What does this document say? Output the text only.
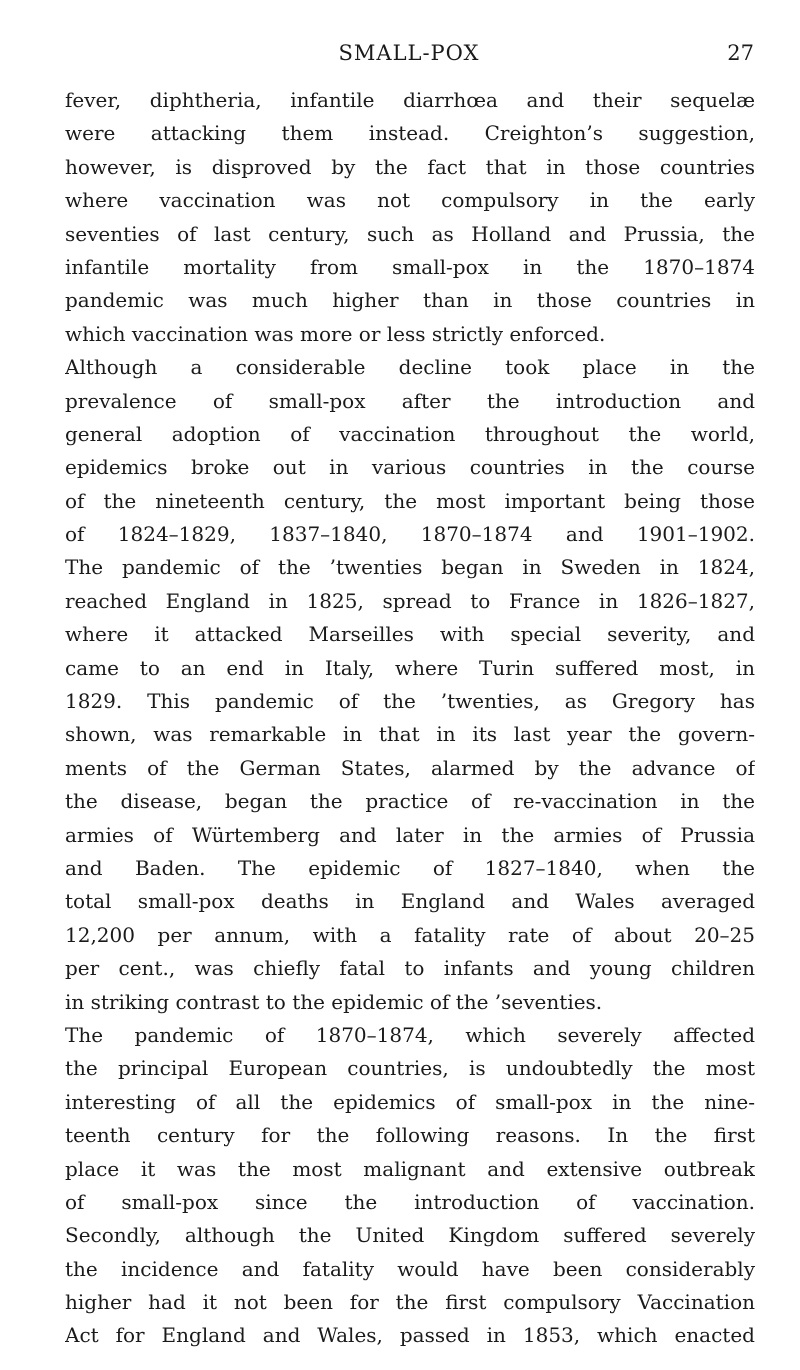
SMALL-POX	27
fever, diphtheria, infantile diarrhœa and their sequelæ
were attacking them instead. Creighton’s suggestion,
however, is disproved by the fact that in those countries
where vaccination was not compulsory in the early
seventies of last century, such as Holland and Prussia, the
infantile mortality from small-pox in the 1870–1874
pandemic was much higher than in those countries in
which vaccination was more or less strictly enforced.
Although a considerable decline took place in the
prevalence of small-pox after the introduction and
general adoption of vaccination throughout the world,
epidemics broke out in various countries in the course
of the nineteenth century, the most important being those
of 1824–1829, 1837–1840, 1870–1874 and 1901–1902.
The pandemic of the ’twenties began in Sweden in 1824,
reached England in 1825, spread to France in 1826–1827,
where it attacked Marseilles with special severity, and
came to an end in Italy, where Turin suffered most, in
1829. This pandemic of the ’twenties, as Gregory has
shown, was remarkable in that in its last year the govern-
ments of the German States, alarmed by the advance of
the disease, began the practice of re-vaccination in the
armies of Würtemberg and later in the armies of Prussia
and Baden. The epidemic of 1827–1840, when the
total small-pox deaths in England and Wales averaged
12,200 per annum, with a fatality rate of about 20–25
per cent., was chiefly fatal to infants and young children
in striking contrast to the epidemic of the ’seventies.
The pandemic of 1870–1874, which severely affected
the principal European countries, is undoubtedly the most
interesting of all the epidemics of small-pox in the nine-
teenth century for the following reasons. In the first
place it was the most malignant and extensive outbreak
of small-pox since the introduction of vaccination.
Secondly, although the United Kingdom suffered severely
the incidence and fatality would have been considerably
higher had it not been for the first compulsory Vaccination
Act for England and Wales, passed in 1853, which enacted
